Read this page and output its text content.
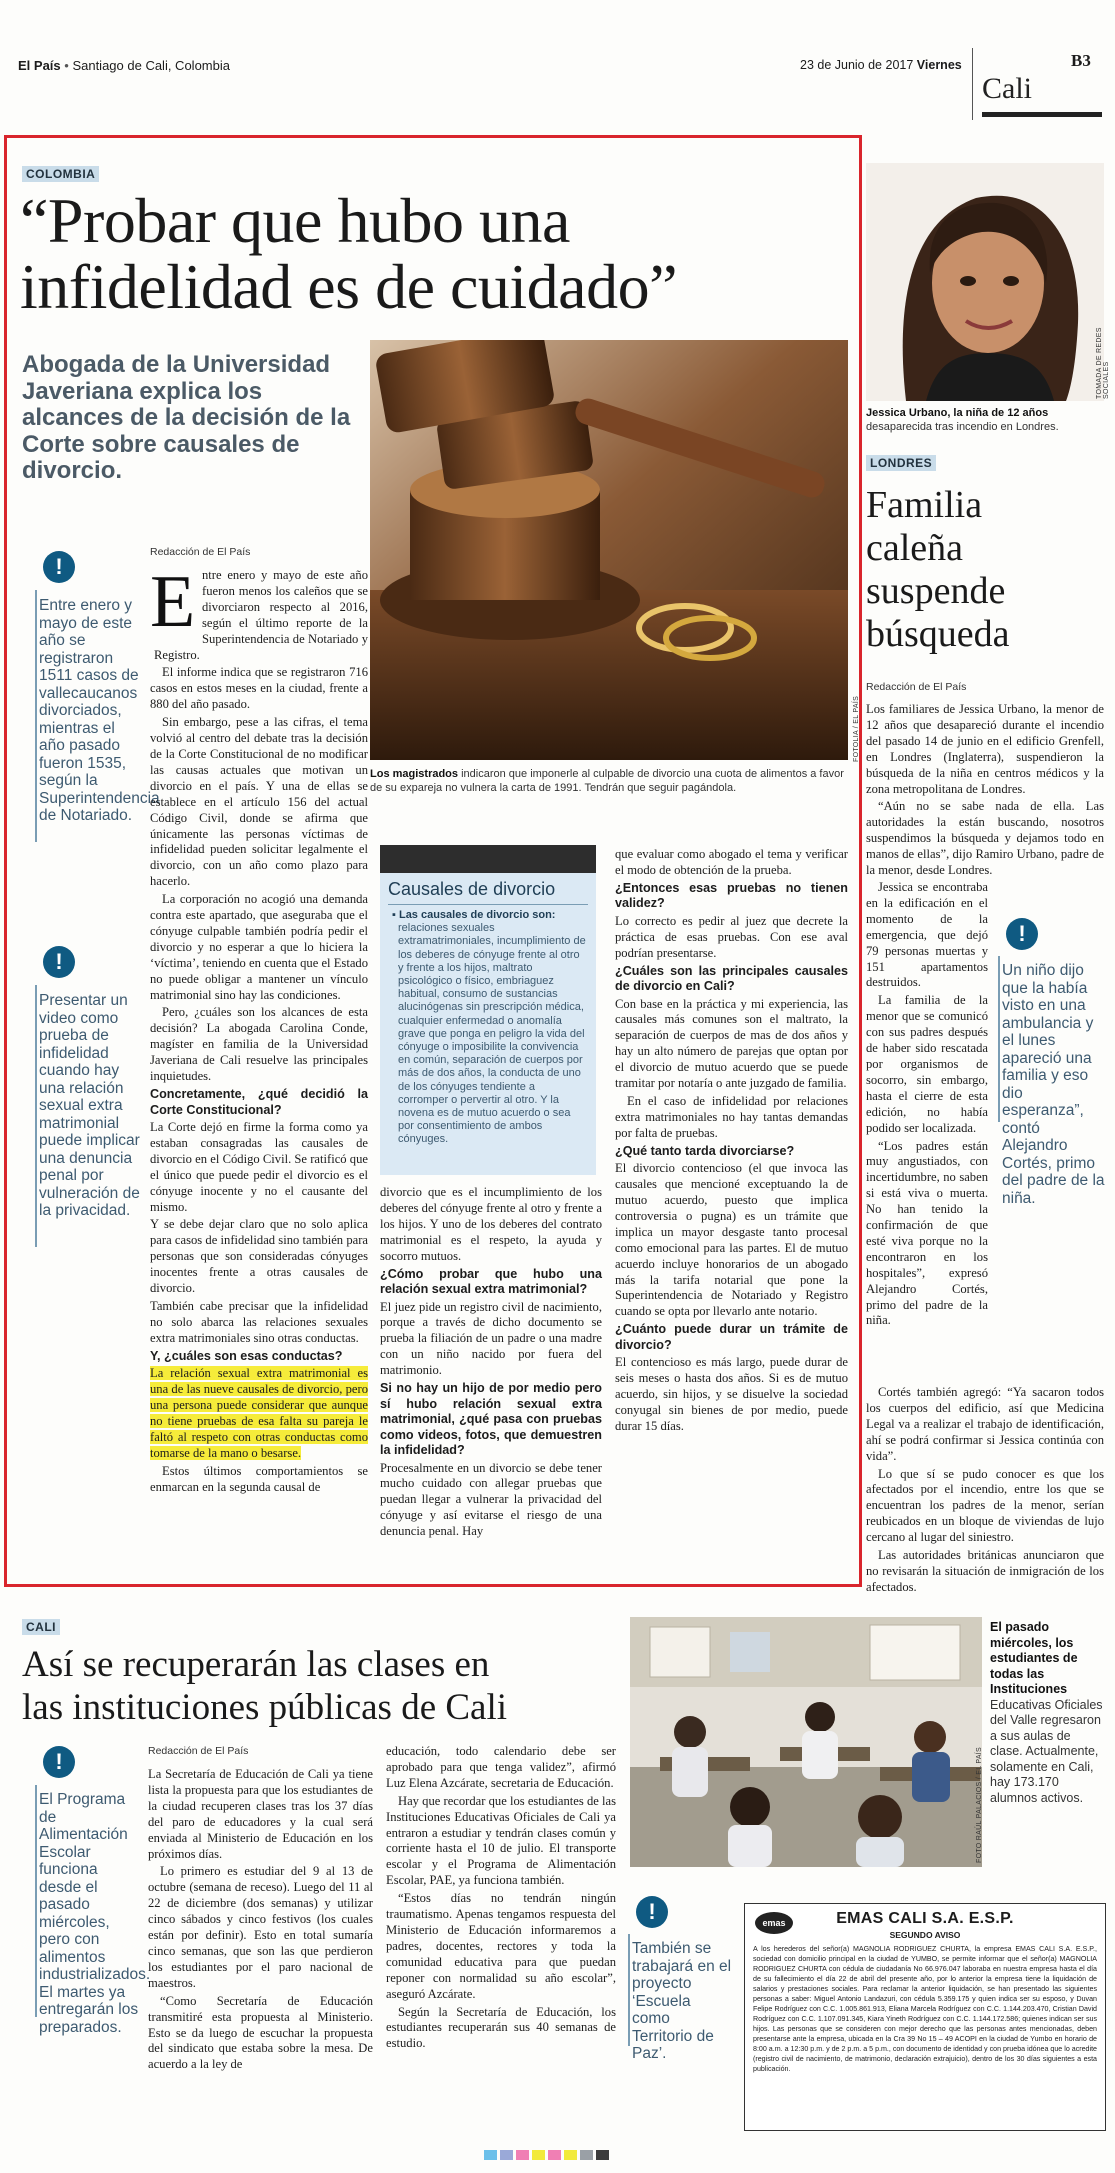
El País • Santiago de Cali, Colombia	23 de Junio de 2017 Viernes	B3
Cali
COLOMBIA
“Probar que hubo una
infidelidad es de cuidado”
Abogada de la Universidad Javeriana explica los alcances de la decisión de la Corte sobre causales de divorcio.
FOTOLIA / EL PAÍS
Los magistrados indicaron que imponerle al culpable de divorcio una cuota de alimentos a favor de su expareja no vulnera la carta de 1991. Tendrán que seguir pagándola.
!
Entre enero y mayo de este año se registraron 1511 casos de vallecaucanos divorciados, mientras el año pasado fueron 1535, según la Superintendencia de Notariado.
!
Presentar un video como prueba de infidelidad cuando hay una relación sexual extra matrimonial puede implicar una denuncia penal por vulneración de la privacidad.
Redacción de El País
E ntre enero y mayo de este año fueron menos los caleños que se divorciaron respecto al 2016, según el último reporte de la Superintendencia de Notariado y Registro.

El informe indica que se registraron 716 casos en estos meses en la ciudad, frente a 880 del año pasado.

Sin embargo, pese a las cifras, el tema volvió al centro del debate tras la decisión de la Corte Constitucional de no modificar las causas actuales que motivan un divorcio en el país. Y una de ellas se establece en el artículo 156 del actual Código Civil, donde se afirma que únicamente las personas víctimas de infidelidad pueden solicitar legalmente el divorcio, con un año como plazo para hacerlo.

La corporación no acogió una demanda contra este apartado, que aseguraba que el cónyuge culpable también podría pedir el divorcio y no esperar a que lo hiciera la ‘víctima’, teniendo en cuenta que el Estado no puede obligar a mantener un vínculo matrimonial sino hay las condiciones.

Pero, ¿cuáles son los alcances de esta decisión? La abogada Carolina Conde, magíster en familia de la Universidad Javeriana de Cali resuelve las principales inquietudes.

Concretamente, ¿qué decidió la Corte Constitucional?

La Corte dejó en firme la forma como ya estaban consagradas las causales de divorcio en el Código Civil. Se ratificó que el único que puede pedir el divorcio es el cónyuge inocente y no el causante del mismo.

Y se debe dejar claro que no solo aplica para casos de infidelidad sino también para personas que son consideradas cónyuges inocentes frente a otras causales de divorcio.

También cabe precisar que la infidelidad no solo abarca las relaciones sexuales extra matrimoniales sino otras conductas.

Y, ¿cuáles son esas conductas?

La relación sexual extra matrimonial es una de las nueve causales de divorcio, pero una persona puede considerar que aunque no tiene pruebas de esa falta su pareja le faltó al respeto con otras conductas como tomarse de la mano o besarse.

Estos últimos comportamientos se enmarcan en la segunda causal de

Causales de divorcio
▪ Las causales de divorcio son:
relaciones sexuales extramatrimoniales, incumplimiento de los deberes de cónyuge frente al otro y frente a los hijos, maltrato psicológico o físico, embriaguez habitual, consumo de sustancias alucinógenas sin prescripción médica, cualquier enfermedad o anomalía grave que ponga en peligro la vida del cónyuge o imposibilite la convivencia en común, separación de cuerpos por más de dos años, la conducta de uno de los cónyuges tendiente a corromper o pervertir al otro. Y la novena es de mutuo acuerdo o sea por consentimiento de ambos cónyuges.

divorcio que es el incumplimiento de los deberes del cónyuge frente al otro y frente a los hijos. Y uno de los deberes del contrato matrimonial es el respeto, la ayuda y socorro mutuos.

¿Cómo probar que hubo una relación sexual extra matrimonial?

El juez pide un registro civil de nacimiento, porque a través de dicho documento se prueba la filiación de un padre o una madre con un niño nacido por fuera del matrimonio.

Si no hay un hijo de por medio pero sí hubo relación sexual extra matrimonial, ¿qué pasa con pruebas como videos, fotos, que demuestren la infidelidad?

Procesalmente en un divorcio se debe tener mucho cuidado con allegar pruebas que puedan llegar a vulnerar la privacidad del cónyuge y así evitarse el riesgo de una denuncia penal. Hay

que evaluar como abogado el tema y verificar el modo de obtención de la prueba.

¿Entonces esas pruebas no tienen validez?

Lo correcto es pedir al juez que decrete la práctica de esas pruebas. Con ese aval podrían presentarse.

¿Cuáles son las principales causales de divorcio en Cali?

Con base en la práctica y mi experiencia, las causales más comunes son el maltrato, la separación de cuerpos de mas de dos años y hay un alto número de parejas que optan por el divorcio de mutuo acuerdo que se puede tramitar por notaría o ante juzgado de familia.

En el caso de infidelidad por relaciones extra matrimoniales no hay tantas demandas por falta de pruebas.

¿Qué tanto tarda divorciarse?

El divorcio contencioso (el que invoca las causales que mencioné exceptuando la de mutuo acuerdo, puesto que implica controversia o pugna) es un trámite que implica un mayor desgaste tanto procesal como emocional para las partes. El de mutuo acuerdo incluye honorarios de un abogado más la tarifa notarial que pone la Superintendencia de Notariado y Registro cuando se opta por llevarlo ante notario.

¿Cuánto puede durar un trámite de divorcio?

El contencioso es más largo, puede durar de seis meses o hasta dos años. Si es de mutuo acuerdo, sin hijos, y se disuelve la sociedad conyugal sin bienes de por medio, puede durar 15 días.

TOMADA DE REDES SOCIALES
Jessica Urbano, la niña de 12 años desaparecida tras incendio en Londres.
LONDRES
Familia
caleña
suspende
búsqueda
Redacción de El País

Los familiares de Jessica Urbano, la menor de 12 años que desapareció durante el incendio del pasado 14 de junio en el edificio Grenfell, en Londres (Inglaterra), suspendieron la búsqueda de la niña en centros médicos y la zona metropolitana de Londres.

“Aún no se sabe nada de ella. Las autoridades la están buscando, nosotros suspendimos la búsqueda y dejamos todo en manos de ellas”, dijo Ramiro Urbano, padre de la menor, desde Londres.

Jessica se encontraba en la edificación en el momento de la emergencia, que dejó 79 personas muertas y 151 apartamentos destruidos.

La familia de la menor que se comunicó con sus padres después de haber sido rescatada por organismos de socorro, sin embargo, hasta el cierre de esta edición, no había podido ser localizada.

“Los padres están muy angustiados, con incertidumbre, no saben si está viva o muerta. No han tenido la confirmación de que esté viva porque no la encontraron en los hospitales”, expresó Alejandro Cortés, primo del padre de la niña.

!
Un niño dijo que la había visto en una ambulancia y el lunes apareció una familia y eso dio esperanza”, contó Alejandro Cortés, primo del padre de la niña.

Cortés también agregó: “Ya sacaron todos los cuerpos del edificio, así que Medicina Legal va a realizar el trabajo de identificación, ahí se podrá confirmar si Jessica continúa con vida”.

Lo que sí se pudo conocer es que los afectados por el incendio, entre los que se encuentran los padres de la menor, serían reubicados en un bloque de viviendas de lujo cercano al lugar del siniestro.

Las autoridades británicas anunciaron que no revisarán la situación de inmigración de los afectados.

CALI
Así se recuperarán las clases en
las instituciones públicas de Cali
!
El Programa de Alimentación Escolar funciona desde el pasado miércoles, pero con alimentos industrializados. El martes ya entregarán los preparados.
Redacción de El País

La Secretaría de Educación de Cali ya tiene lista la propuesta para que los estudiantes de la ciudad recuperen clases tras los 37 días del paro de educadores y la cual será enviada al Ministerio de Educación en los próximos días.

Lo primero es estudiar del 9 al 13 de octubre (semana de receso). Luego del 11 al 22 de diciembre (dos semanas) y utilizar cinco sábados y cinco festivos (los cuales están por definir). Esto en total sumaría cinco semanas, que son las que perdieron los estudiantes por el paro nacional de maestros.

“Como Secretaría de Educación transmitiré esta propuesta al Ministerio. Esto se da luego de escuchar la propuesta del sindicato que estaba sobre la mesa. De acuerdo a la ley de

educación, todo calendario debe ser aprobado para que tenga validez”, afirmó Luz Elena Azcárate, secretaria de Educación.

Hay que recordar que los estudiantes de las Instituciones Educativas Oficiales de Cali ya entraron a estudiar y tendrán clases común y corriente hasta el 10 de julio. El transporte escolar y el Programa de Alimentación Escolar, PAE, ya funciona también.

“Estos días no tendrán ningún traumatismo. Apenas tengamos respuesta del Ministerio de Educación informaremos a padres, docentes, rectores y toda la comunidad educativa para que puedan reponer con normalidad su año escolar”, aseguró Azcárate.

Según la Secretaría de Educación, los estudiantes recuperarán sus 40 semanas de estudio.

FOTO RAÚL PALACIOS / EL PAÍS
El pasado miércoles, los estudiantes de todas las Instituciones Educativas Oficiales del Valle regresaron a sus aulas de clase. Actualmente, solamente en Cali, hay 173.170 alumnos activos.
!
También se trabajará en el proyecto ‘Escuela como Territorio de Paz’.
emas	EMAS CALI S.A. E.S.P.
SEGUNDO AVISO
A los herederos del señor(a) MAGNOLIA RODRIGUEZ CHURTA, la empresa EMAS CALI S.A. E.S.P., sociedad con domicilio principal en la ciudad de YUMBO, se permite informar que el señor(a) MAGNOLIA RODRIGUEZ CHURTA con cédula de ciudadanía No 66.976.047 laboraba en nuestra empresa hasta el día de su fallecimiento el día 22 de abril del presente año, por lo anterior la empresa tiene la liquidación de salarios y prestaciones sociales. Para reclamar la anterior liquidación, se han presentado las siguientes personas a saber: Miguel Antonio Landazuri, con cédula 5.359.175 y quien indica ser su esposo, y Duvan Felipe Rodríguez con C.C. 1.005.861.913, Eliana Marcela Rodríguez con C.C. 1.144.203.470, Cristian David Rodríguez con C.C. 1.107.091.345, Kiara Yineth Rodríguez con C.C. 1.144.172.586; quienes indican ser sus hijos. Las personas que se consideren con mejor derecho que las personas antes mencionadas, deben presentarse ante la empresa, ubicada en la Cra 39 No 15 – 49 ACOPI en la ciudad de Yumbo en horario de 8:00 a.m. a 12:30 p.m. y de 2 p.m. a 5 p.m., con documento de identidad y con prueba idónea que lo acredite (registro civil de nacimiento, de matrimonio, declaración extrajuicio), dentro de los 30 días siguientes a esta publicación.
